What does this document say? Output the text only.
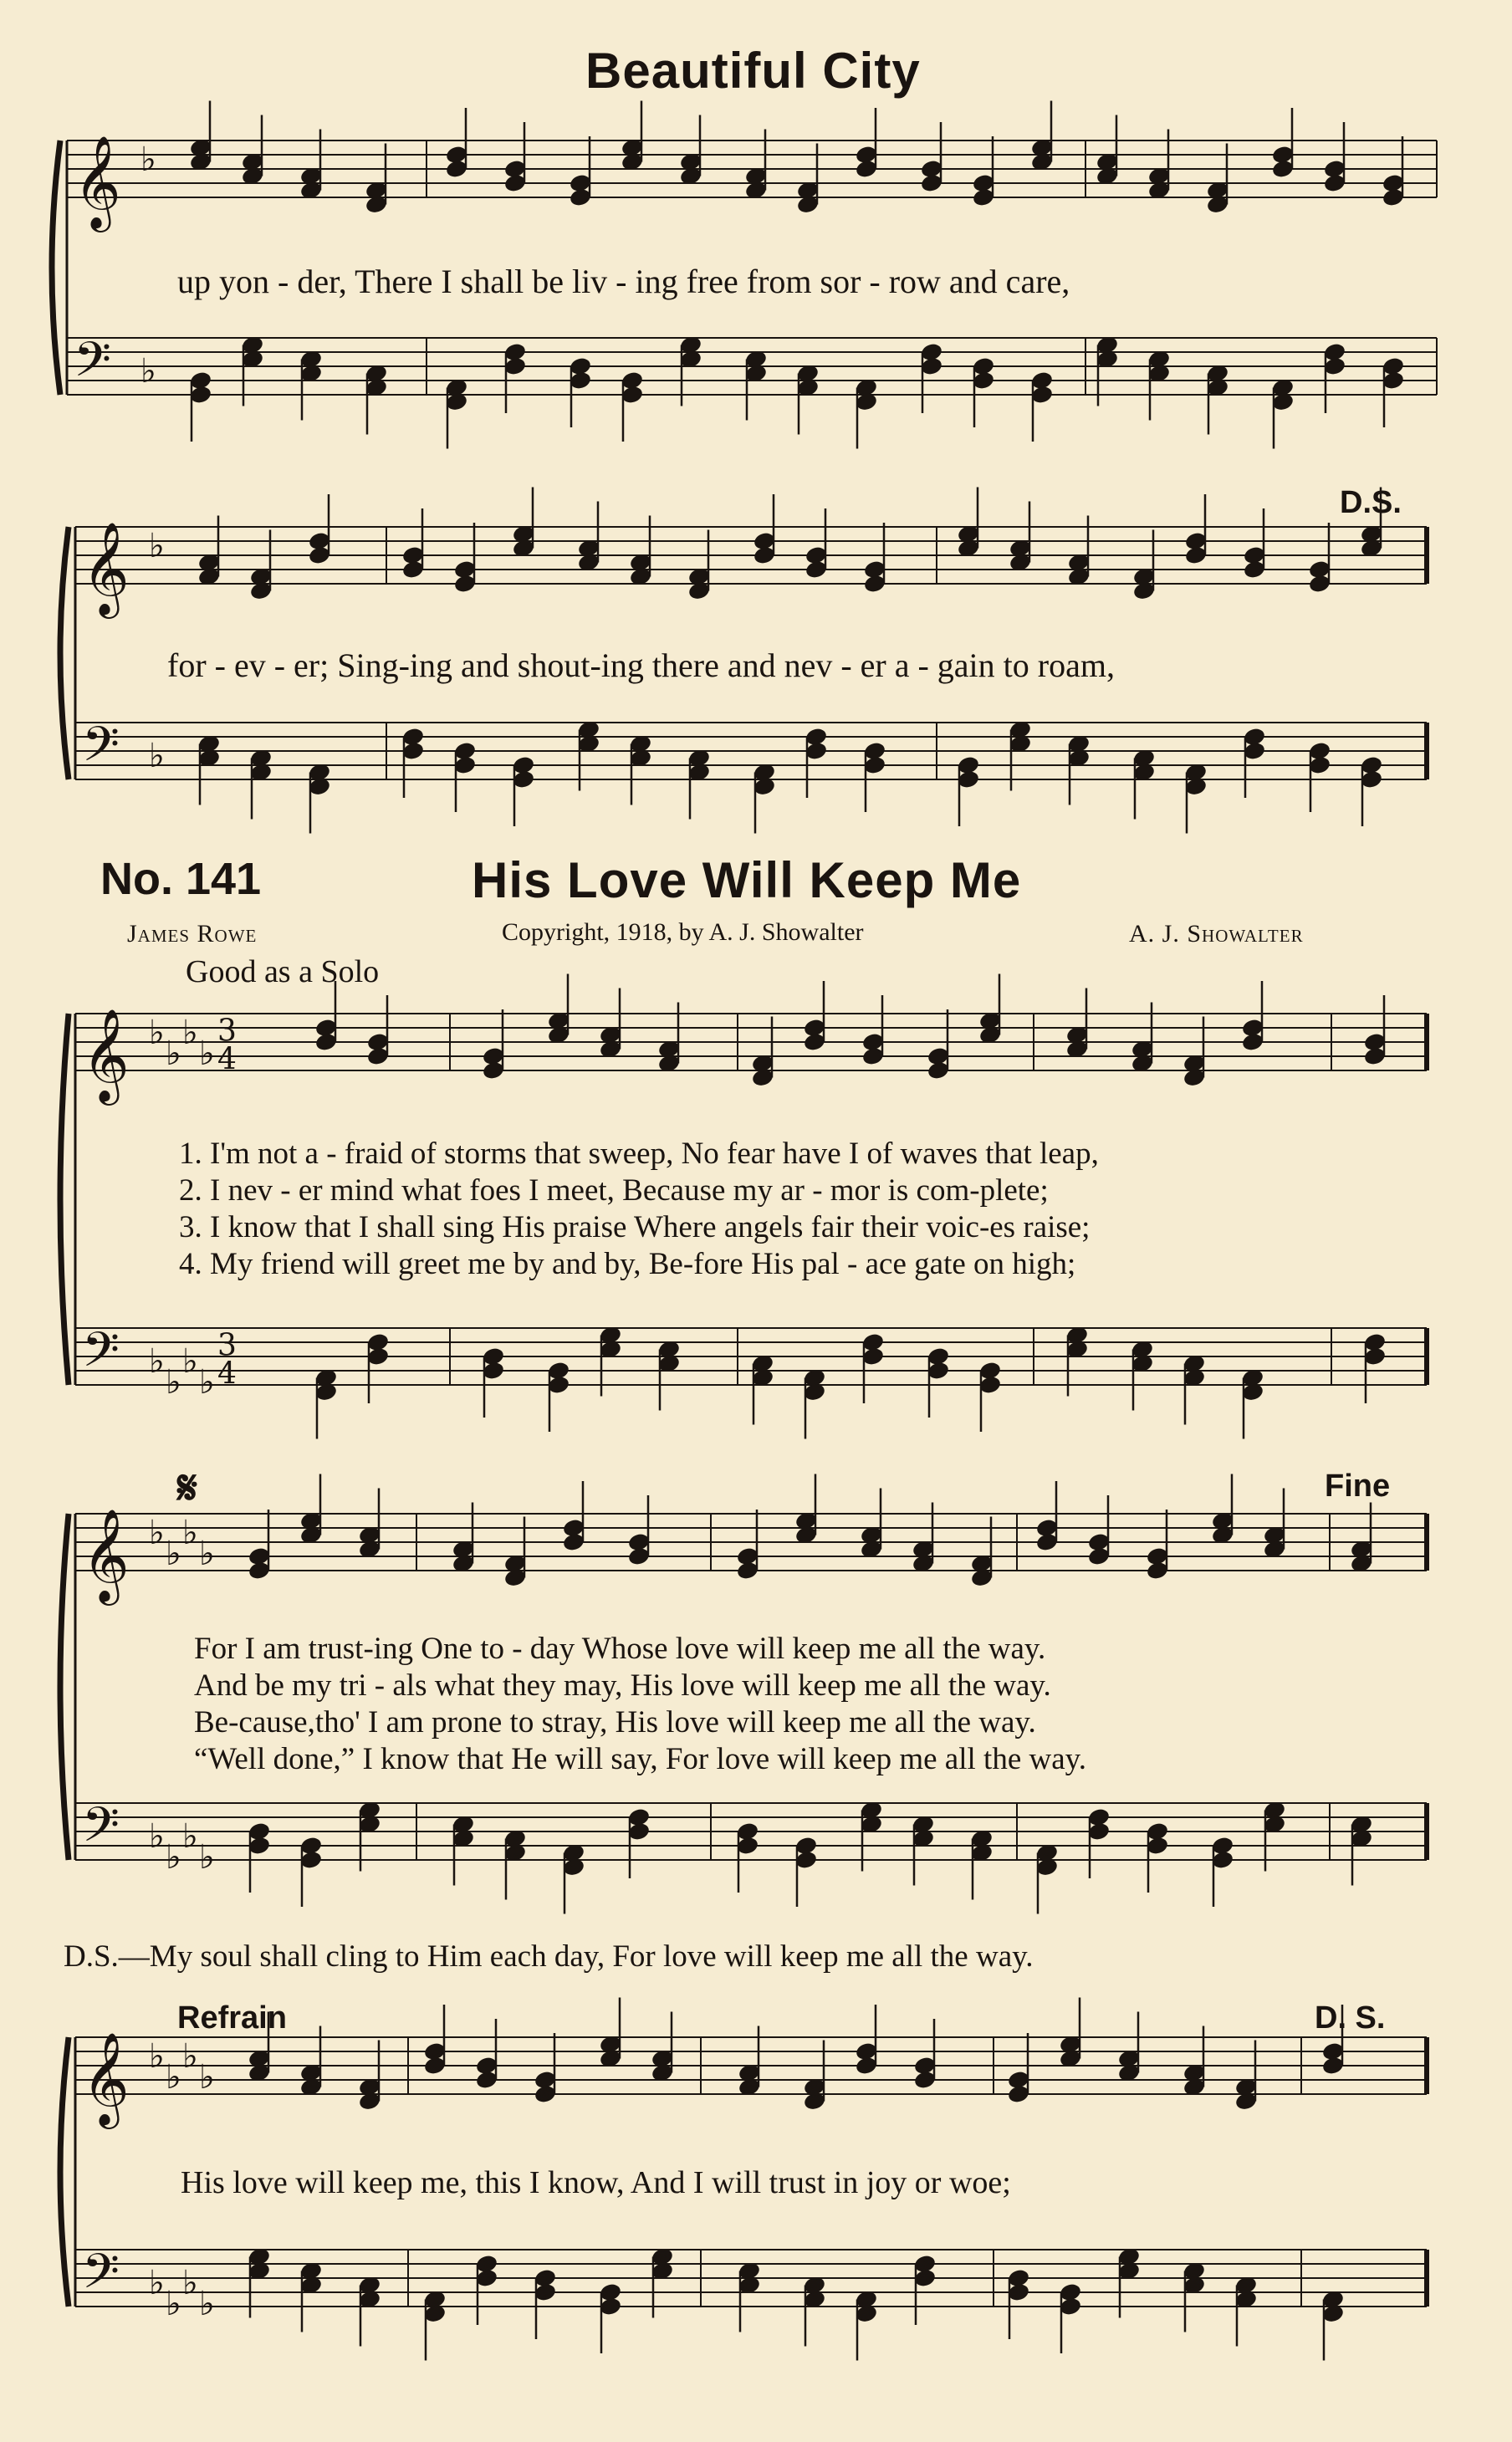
Beautiful City
up yon - der, There I shall be liv - ing free from sor - row and care,
D.S.
for - ev - er; Sing-ing and shout-ing there and nev - er a - gain to roam,
No. 141	His Love Will Keep Me
James Rowe	Copyright, 1918, by A. J. Showalter	A. J. Showalter
Good as a Solo
1. I'm not a - fraid of storms that sweep, No fear have I of waves that leap,
2. I nev - er mind what foes I meet, Because my ar - mor is com-plete;
3. I know that I shall sing His praise Where angels fair their voic-es raise;
4. My friend will greet me by and by, Be-fore His pal - ace gate on high;
𝄋	Fine
For I am trust-ing One to - day Whose love will keep me all the way.
And be my tri - als what they may, His love will keep me all the way.
Be-cause,tho' I am prone to stray, His love will keep me all the way.
“Well done,” I know that He will say, For love will keep me all the way.
D.S.—My soul shall cling to Him each day, For love will keep me all the way.
Refrain	D. S.
His love will keep me, this I know, And I will trust in joy or woe;
𝄞 ♭
𝄢 ♭
𝄞 ♭
𝄢 ♭
𝄞 ♭
♭
♭
♭
3
4
𝄢 ♭
♭
♭
♭
3
4
𝄞 ♭
♭
♭
♭
𝄢 ♭
♭
♭
♭
𝄞 ♭
♭
♭
♭
𝄢 ♭
♭
♭
♭
